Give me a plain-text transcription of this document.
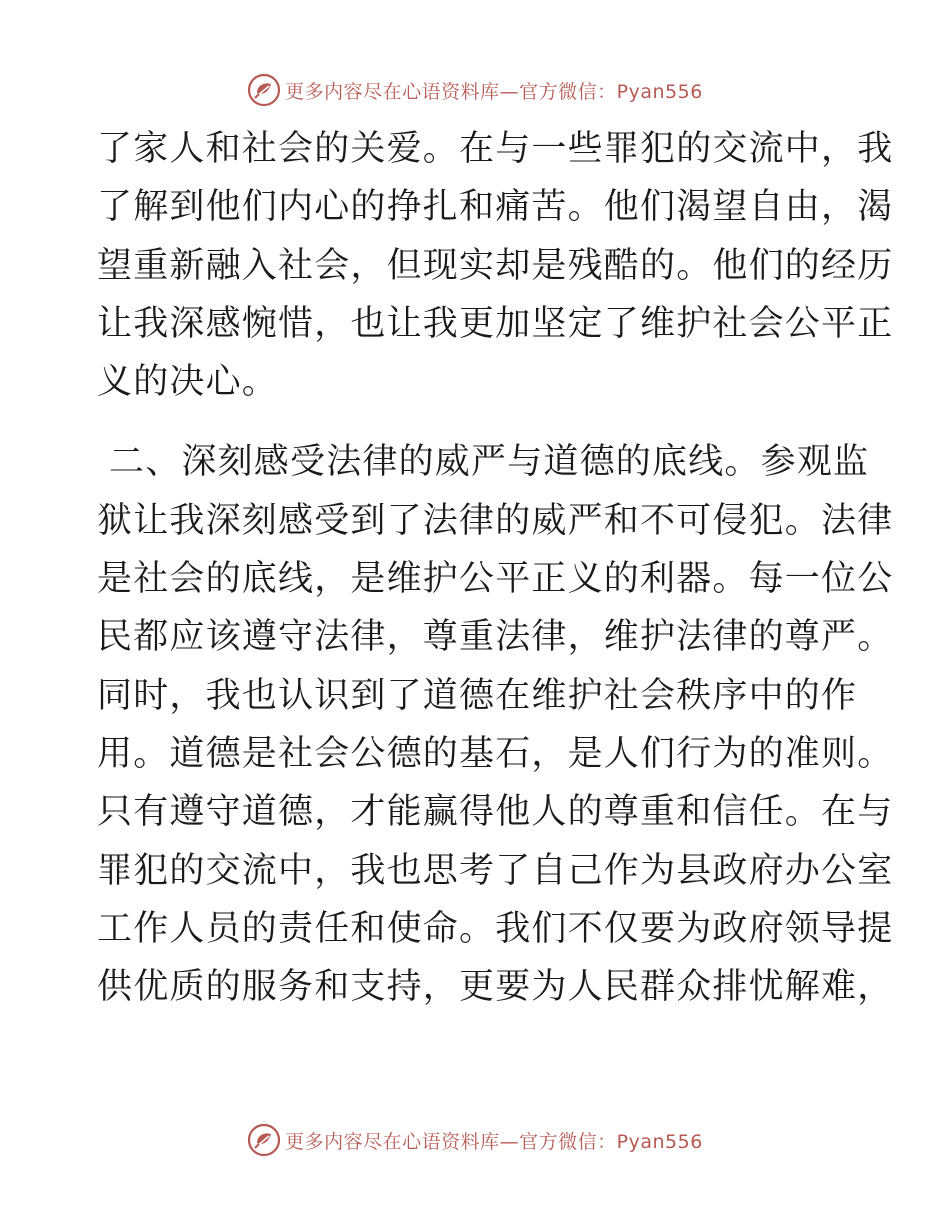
更多内容尽在心语资料库—官方微信：Pyan556
了家人和社会的关爱。在与一些罪犯的交流中，我
了解到他们内心的挣扎和痛苦。他们渴望自由，渴
望重新融入社会，但现实却是残酷的。他们的经历
让我深感惋惜，也让我更加坚定了维护社会公平正
义的决心。
二、深刻感受法律的威严与道德的底线。参观监
狱让我深刻感受到了法律的威严和不可侵犯。法律
是社会的底线，是维护公平正义的利器。每一位公
民都应该遵守法律，尊重法律，维护法律的尊严。
同时，我也认识到了道德在维护社会秩序中的作
用。道德是社会公德的基石，是人们行为的准则。
只有遵守道德，才能赢得他人的尊重和信任。在与
罪犯的交流中，我也思考了自己作为县政府办公室
工作人员的责任和使命。我们不仅要为政府领导提
供优质的服务和支持，更要为人民群众排忧解难，
更多内容尽在心语资料库—官方微信：Pyan556
